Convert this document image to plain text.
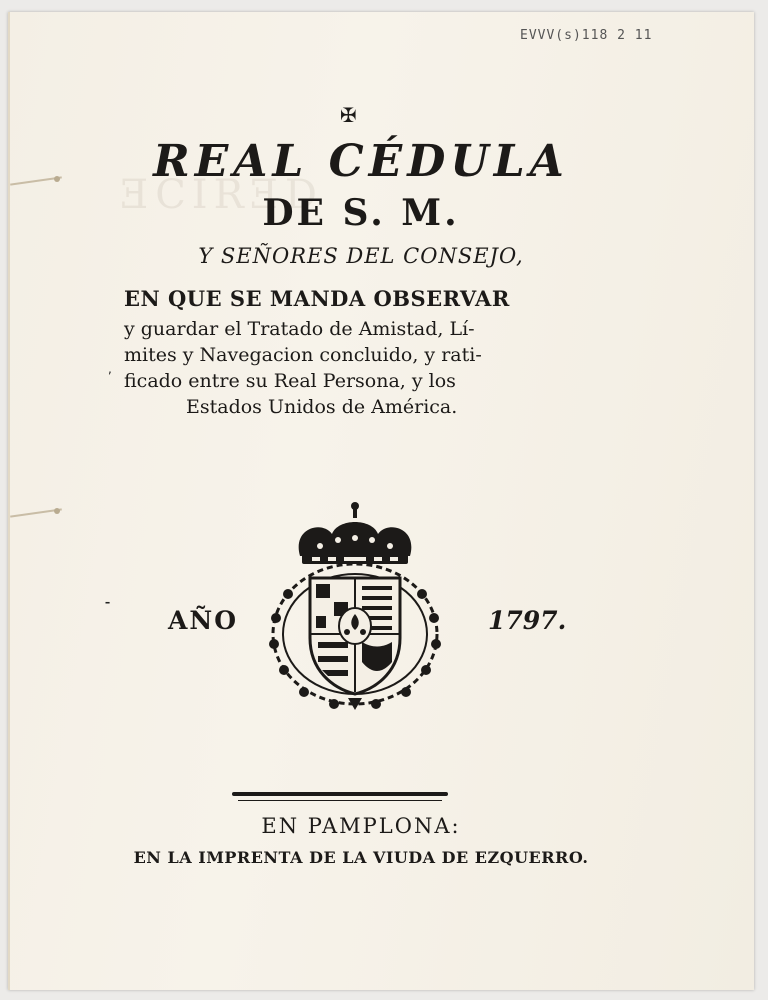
ƎCIRƎD
EVVV(s)118 2 11
✠
REAL CÉDULA
DE S. M.
Y SEÑORES DEL CONSEJO,
EN QUE SE MANDA OBSERVAR
y guardar el Tratado de Amistad, Lí-
,
mites y Navegacion concluido, y rati-
ficado entre su Real Persona, y los
Estados Unidos de América.
⁃
AÑO	1797.
EN PAMPLONA:
EN LA IMPRENTA DE LA VIUDA DE EZQUERRO.
